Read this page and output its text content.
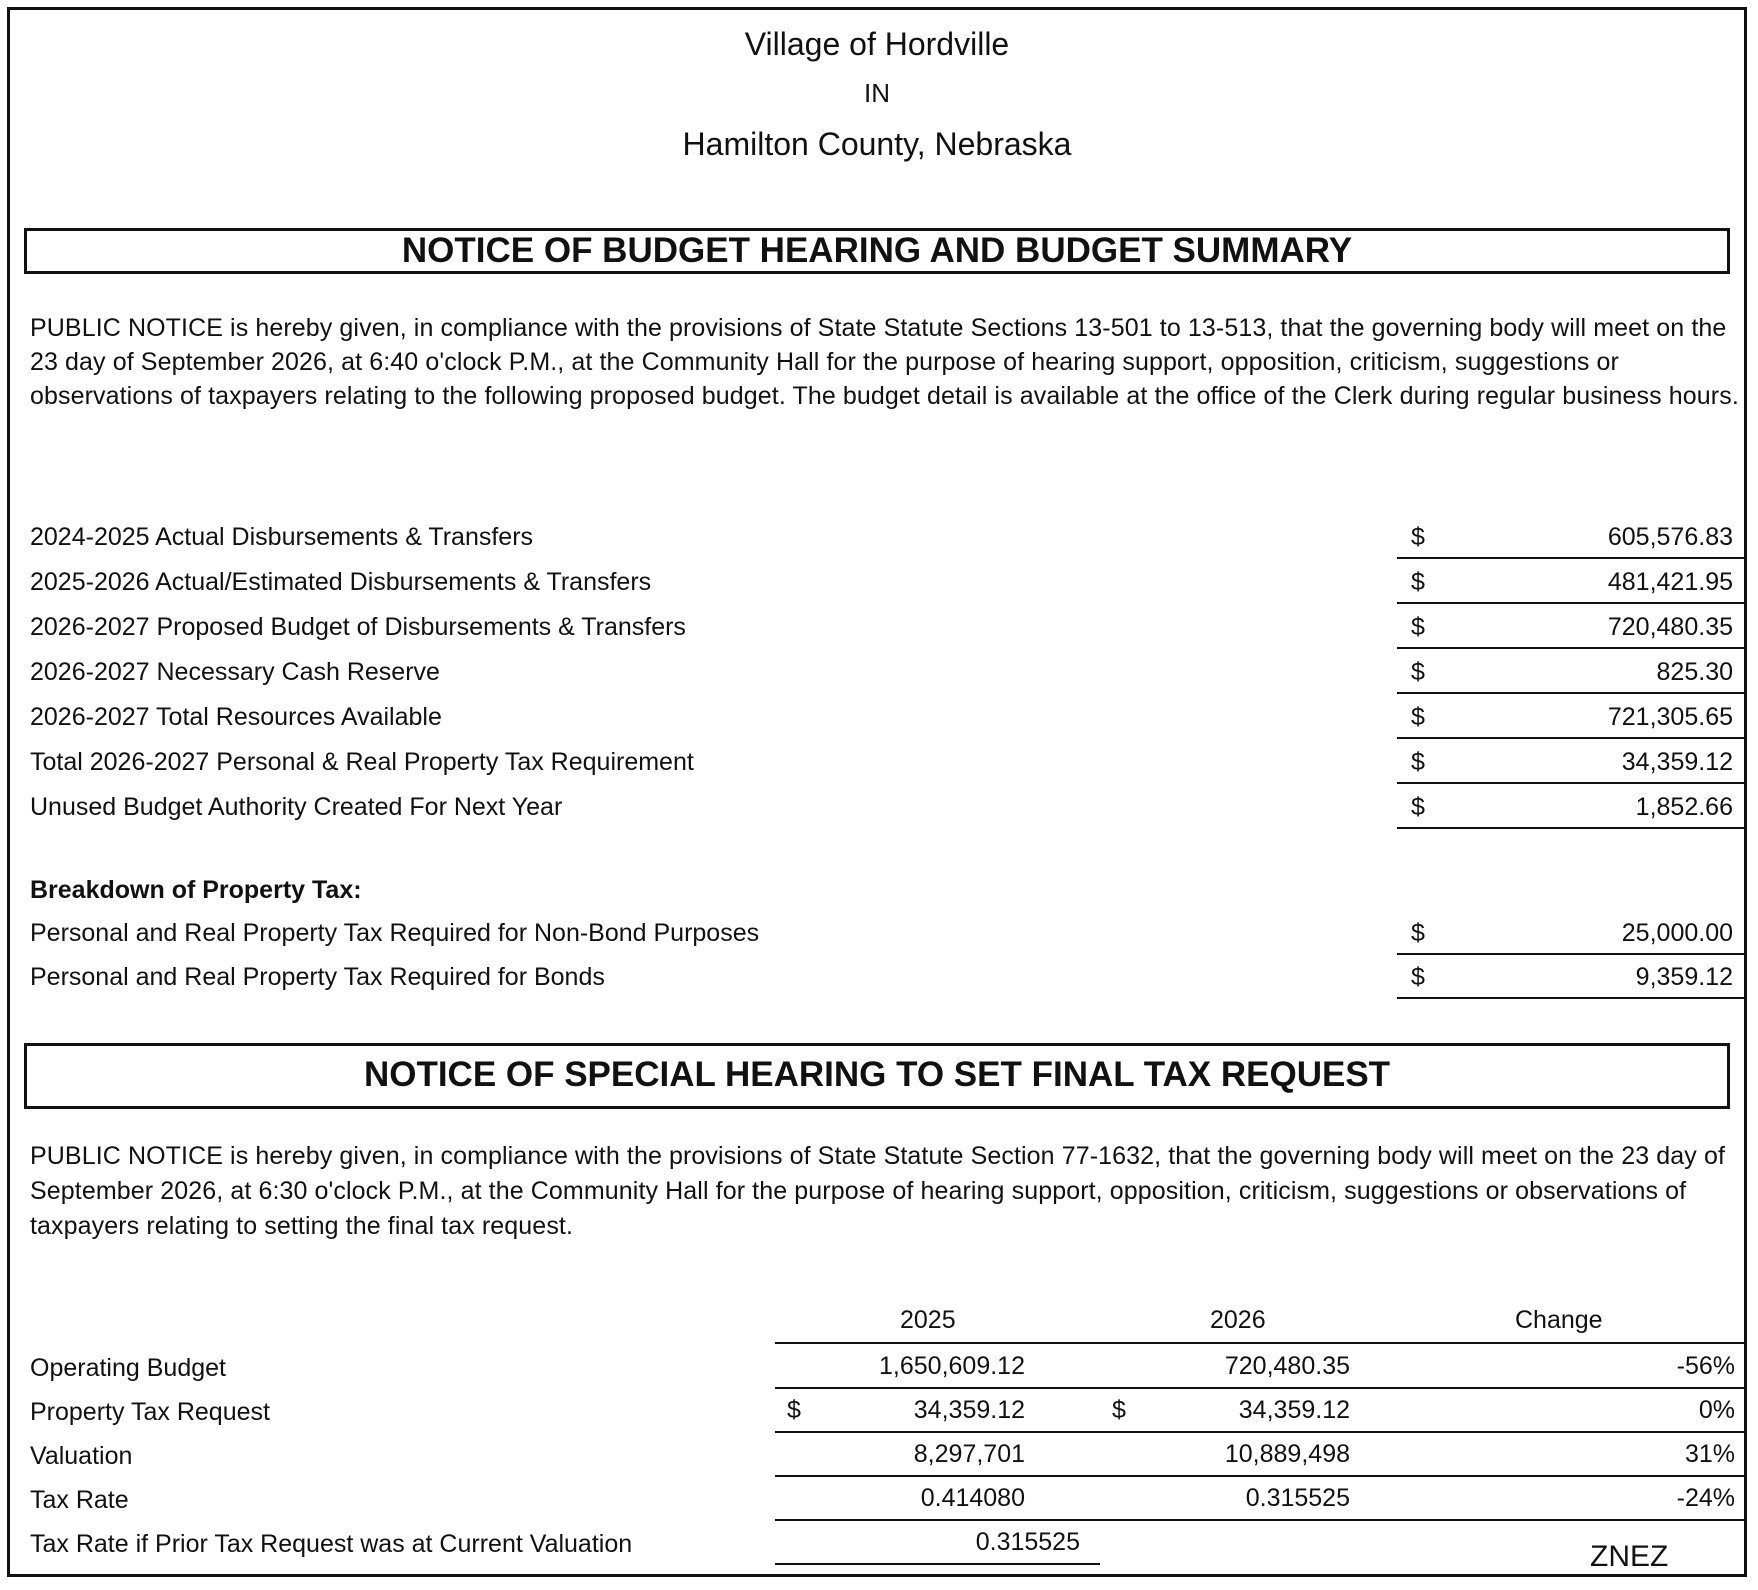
Village of Hordville
IN
Hamilton County, Nebraska
NOTICE OF BUDGET HEARING AND BUDGET SUMMARY
PUBLIC NOTICE is hereby given, in compliance with the provisions of State Statute Sections 13-501 to 13-513, that the governing body will meet on the 23 day of September 2026, at 6:40 o'clock P.M., at the Community Hall for the purpose of hearing support, opposition, criticism, suggestions or observations of taxpayers relating to the following proposed budget. The budget detail is available at the office of the Clerk during regular business hours.
2024-2025 Actual Disbursements & Transfers	$	605,576.83
2025-2026 Actual/Estimated Disbursements & Transfers	$	481,421.95
2026-2027 Proposed Budget of Disbursements & Transfers	$	720,480.35
2026-2027 Necessary Cash Reserve	$	825.30
2026-2027 Total Resources Available	$	721,305.65
Total 2026-2027 Personal & Real Property Tax Requirement	$	34,359.12
Unused Budget Authority Created For Next Year	$	1,852.66
Breakdown of Property Tax:
Personal and Real Property Tax Required for Non-Bond Purposes	$	25,000.00
Personal and Real Property Tax Required for Bonds	$	9,359.12
NOTICE OF SPECIAL HEARING TO SET FINAL TAX REQUEST
PUBLIC NOTICE is hereby given, in compliance with the provisions of State Statute Section 77-1632, that the governing body will meet on the 23 day of September 2026, at 6:30 o'clock P.M., at the Community Hall for the purpose of hearing support, opposition, criticism, suggestions or observations of taxpayers relating to setting the final tax request.
2025	2026	Change
Operating Budget	1,650,609.12	720,480.35	-56%
Property Tax Request	$	34,359.12	$	34,359.12	0%
Valuation	8,297,701	10,889,498	31%
Tax Rate	0.414080	0.315525	-24%
Tax Rate if Prior Tax Request was at Current Valuation	0.315525	ZNEZ
